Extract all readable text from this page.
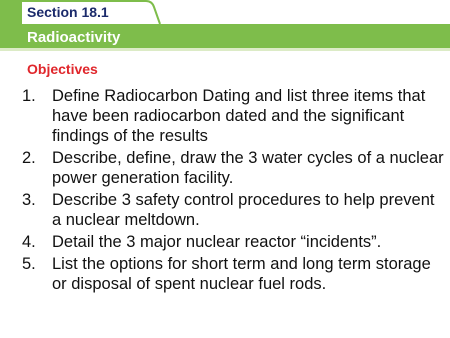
Section 18.1
Radioactivity
Objectives
1. Define Radiocarbon Dating and list three items that have been radiocarbon dated and the significant findings of the results
2. Describe, define, draw the 3 water cycles of a nuclear power generation facility.
3. Describe 3 safety control procedures to help prevent a nuclear meltdown.
4. Detail the 3 major nuclear reactor “incidents”.
5. List the options for short term and long term storage or disposal of spent nuclear fuel rods.
